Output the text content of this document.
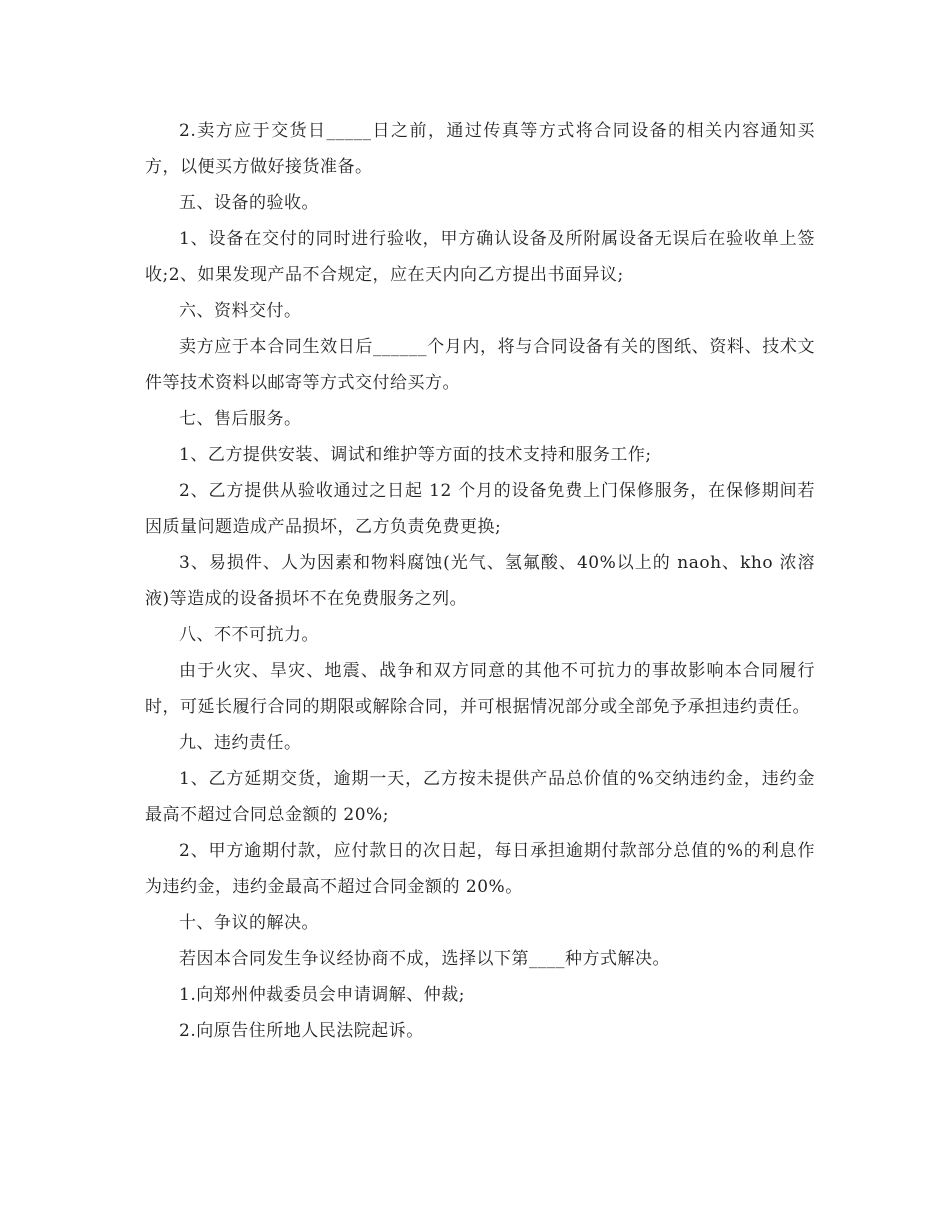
2.卖方应于交货日_____日之前，通过传真等方式将合同设备的相关内容通知买方，以便买方做好接货准备。

五、设备的验收。

1、设备在交付的同时进行验收，甲方确认设备及所附属设备无误后在验收单上签收;2、如果发现产品不合规定，应在天内向乙方提出书面异议;

六、资料交付。

卖方应于本合同生效日后______个月内，将与合同设备有关的图纸、资料、技术文件等技术资料以邮寄等方式交付给买方。

七、售后服务。

1、乙方提供安装、调试和维护等方面的技术支持和服务工作;

2、乙方提供从验收通过之日起 12 个月的设备免费上门保修服务，在保修期间若因质量问题造成产品损坏，乙方负责免费更换;

3、易损件、人为因素和物料腐蚀(光气、氢氟酸、40%以上的 naoh、kho 浓溶液)等造成的设备损坏不在免费服务之列。

八、不不可抗力。

由于火灾、旱灾、地震、战争和双方同意的其他不可抗力的事故影响本合同履行时，可延长履行合同的期限或解除合同，并可根据情况部分或全部免予承担违约责任。

九、违约责任。

1、乙方延期交货，逾期一天，乙方按未提供产品总价值的%交纳违约金，违约金最高不超过合同总金额的 20%;

2、甲方逾期付款，应付款日的次日起，每日承担逾期付款部分总值的%的利息作为违约金，违约金最高不超过合同金额的 20%。

十、争议的解决。

若因本合同发生争议经协商不成，选择以下第____种方式解决。

1.向郑州仲裁委员会申请调解、仲裁;

2.向原告住所地人民法院起诉。
